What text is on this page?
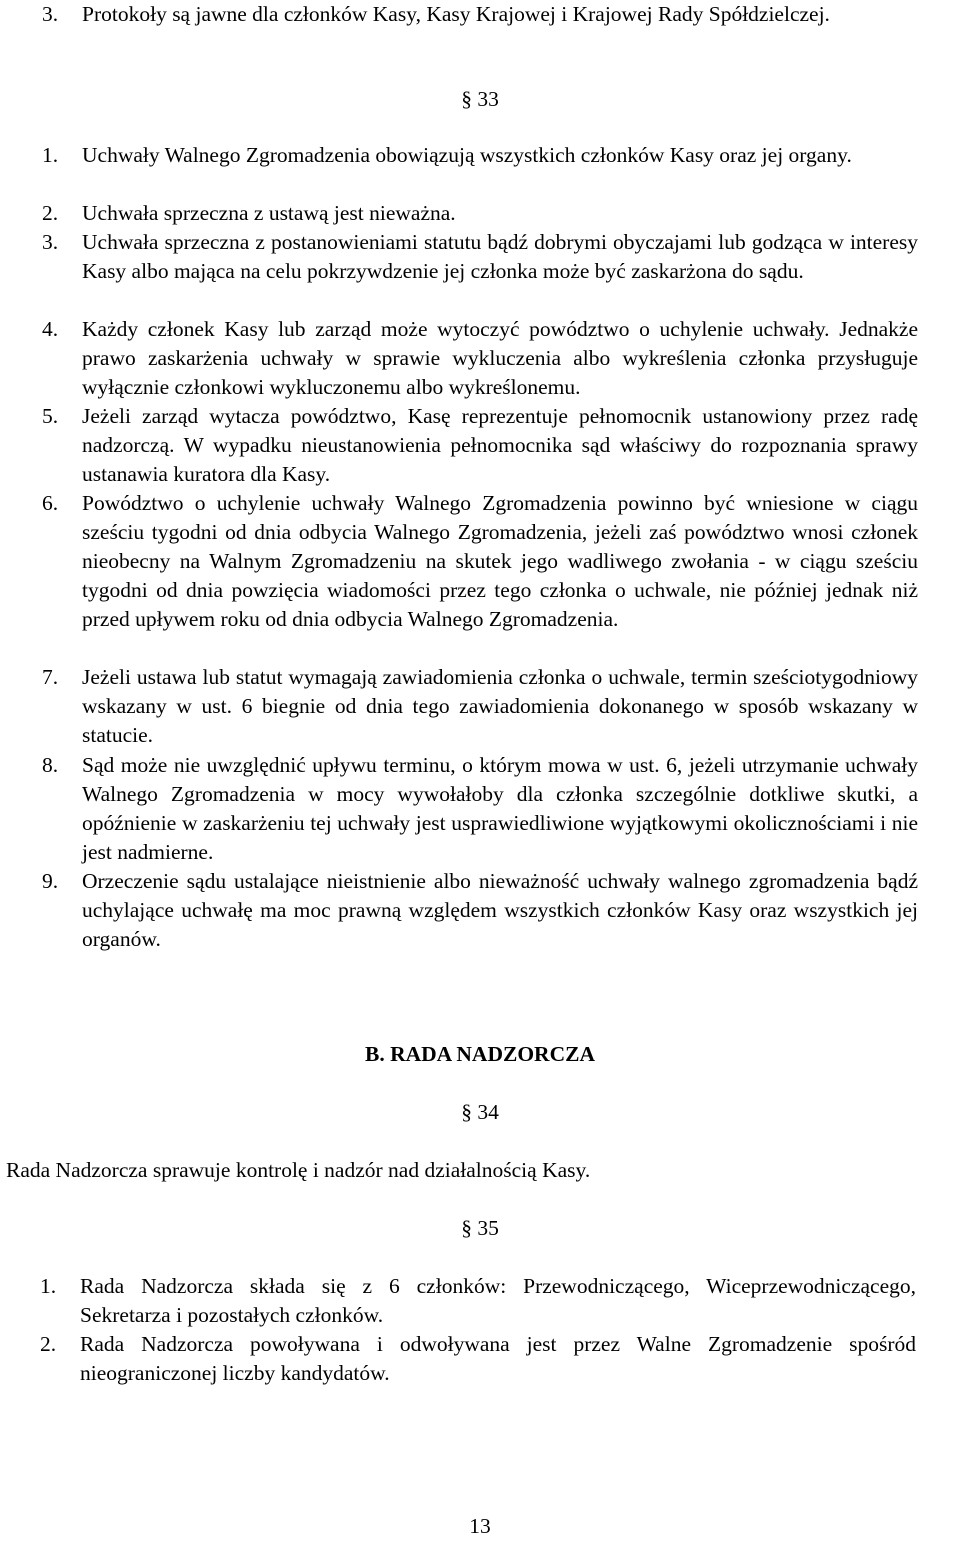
3.	Protokoły są jawne dla członków Kasy, Kasy Krajowej i Krajowej Rady Spółdzielczej.

§ 33
1.	Uchwały Walnego Zgromadzenia obowiązują wszystkich członków Kasy oraz jej organy.

2.	Uchwała sprzeczna z ustawą jest nieważna.

3.	Uchwała sprzeczna z postanowieniami statutu bądź dobrymi obyczajami lub godząca w interesy Kasy albo mająca na celu pokrzywdzenie jej członka może być zaskarżona do sądu.

4.	Każdy członek Kasy lub zarząd może wytoczyć powództwo o uchylenie uchwały. Jednakże prawo zaskarżenia uchwały w sprawie wykluczenia albo wykreślenia członka przysługuje wyłącznie członkowi wykluczonemu albo wykreślonemu.

5.	Jeżeli zarząd wytacza powództwo, Kasę reprezentuje pełnomocnik ustanowiony przez radę nadzorczą. W wypadku nieustanowienia pełnomocnika sąd właściwy do rozpoznania sprawy ustanawia kuratora dla Kasy.

6.	Powództwo o uchylenie uchwały Walnego Zgromadzenia powinno być wniesione w ciągu sześciu tygodni od dnia odbycia Walnego Zgromadzenia, jeżeli zaś powództwo wnosi członek nieobecny na Walnym Zgromadzeniu na skutek jego wadliwego zwołania - w ciągu sześciu tygodni od dnia powzięcia wiadomości przez tego członka o uchwale, nie później jednak niż przed upływem roku od dnia odbycia Walnego Zgromadzenia.

7.	Jeżeli ustawa lub statut wymagają zawiadomienia członka o uchwale, termin sześciotygodniowy wskazany w ust. 6 biegnie od dnia tego zawiadomienia dokonanego w sposób wskazany w statucie.

8.	Sąd może nie uwzględnić upływu terminu, o którym mowa w ust. 6, jeżeli utrzymanie uchwały Walnego Zgromadzenia w mocy wywołałoby dla członka szczególnie dotkliwe skutki, a opóźnienie w zaskarżeniu tej uchwały jest usprawiedliwione wyjątkowymi okolicznościami i nie jest nadmierne.

9.	Orzeczenie sądu ustalające nieistnienie albo nieważność uchwały walnego zgromadzenia bądź uchylające uchwałę ma moc prawną względem wszystkich członków Kasy oraz wszystkich jej organów.

B. RADA NADZORCZA
§ 34
Rada Nadzorcza sprawuje kontrolę i nadzór nad działalnością Kasy.
§ 35
1.	Rada Nadzorcza składa się z 6 członków: Przewodniczącego, Wiceprzewodniczącego, Sekretarza i pozostałych członków.

2.	Rada Nadzorcza powoływana i odwoływana jest przez Walne Zgromadzenie spośród nieograniczonej liczby kandydatów.

13
